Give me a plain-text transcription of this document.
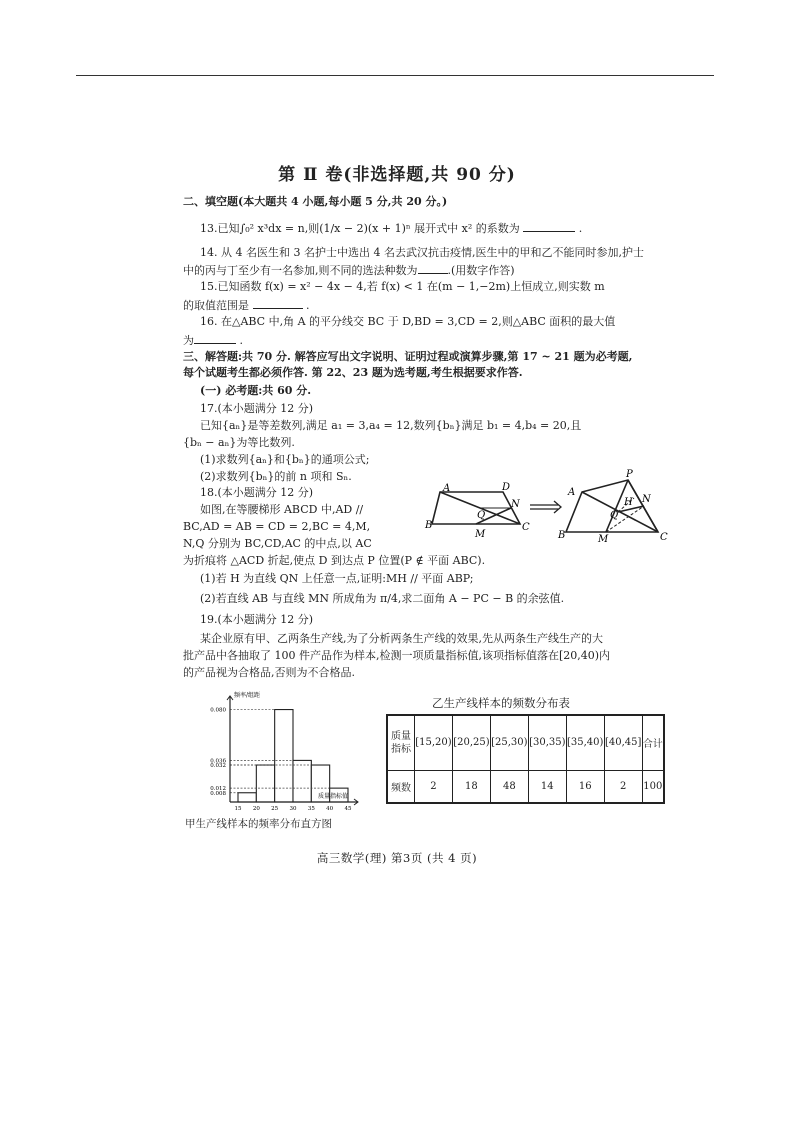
第 Ⅱ 卷(非选择题,共 90 分)
二、填空题(本大题共 4 小题,每小题 5 分,共 20 分。)
13.已知∫₀² x³dx = n,则(1/x − 2)(x + 1)ⁿ 展开式中 x² 的系数为	.
14. 从 4 名医生和 3 名护士中选出 4 名去武汉抗击疫情,医生中的甲和乙不能同时参加,护士
中的丙与丁至少有一名参加,则不同的选法种数为	.(用数字作答)
15.已知函数 f(x) = x² − 4x − 4,若 f(x) < 1 在(m − 1,−2m)上恒成立,则实数 m
的取值范围是	.
16. 在△ABC 中,角 A 的平分线交 BC 于 D,BD = 3,CD = 2,则△ABC 面积的最大值
为	.
三、解答题:共 70 分. 解答应写出文字说明、证明过程或演算步骤,第 17 ~ 21 题为必考题,
每个试题考生都必须作答. 第 22、23 题为选考题,考生根据要求作答.
(一) 必考题:共 60 分.
17.(本小题满分 12 分)
已知{aₙ}是等差数列,满足 a₁ = 3,a₄ = 12,数列{bₙ}满足 b₁ = 4,b₄ = 20,且
{bₙ − aₙ}为等比数列.
(1)求数列{aₙ}和{bₙ}的通项公式;
(2)求数列{bₙ}的前 n 项和 Sₙ.
18.(本小题满分 12 分)
如图,在等腰梯形 ABCD 中,AD //
BC,AD = AB = CD = 2,BC = 4,M,
N,Q 分别为 BC,CD,AC 的中点,以 AC
为折痕将 △ACD 折起,使点 D 到达点 P 位置(P ∉ 平面 ABC).
(1)若 H 为直线 QN 上任意一点,证明:MH // 平面 ABP;
(2)若直线 AB 与直线 MN 所成角为 π/4,求二面角 A − PC − B 的余弦值.
19.(本小题满分 12 分)
某企业原有甲、乙两条生产线,为了分析两条生产线的效果,先从两条生产线生产的大
批产品中各抽取了 100 件产品作为样本,检测一项质量指标值,该项指标值落在[20,40)内
的产品视为合格品,否则为不合格品.
A	D
B	C
M
N
Q
P
A
H N
Q
B	M	C
0.080
0.036
0.032
0.012
0.008
15 20 25 30 35 40 45
频率/组距
质量指标值
甲生产线样本的频率分布直方图
乙生产线样本的频数分布表
质量
指标	[15,20)	[20,25)	[25,30)	[30,35)	[35,40)	[40,45]	合计
频数	2	18	48	14	16	2	100
高三数学(理) 第3页 (共 4 页)
